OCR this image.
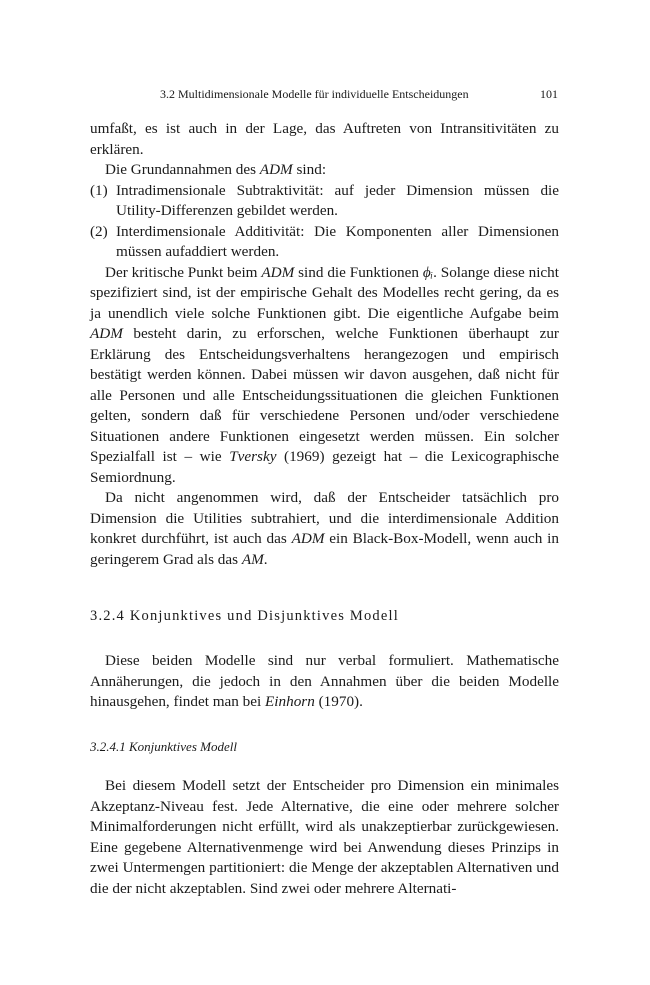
3.2 Multidimensionale Modelle für individuelle Entscheidungen	101

umfaßt, es ist auch in der Lage, das Auftreten von Intransitivitäten zu erklären.

Die Grundannahmen des ADM sind:

(1) Intradimensionale Subtraktivität: auf jeder Dimension müssen die Utility-Differenzen gebildet werden.
(2) Interdimensionale Additivität: Die Komponenten aller Dimensionen müssen aufaddiert werden.

Der kritische Punkt beim ADM sind die Funktionen ϕᵢ. Solange diese nicht spezifiziert sind, ist der empirische Gehalt des Modelles recht gering, da es ja unendlich viele solche Funktionen gibt. Die eigentliche Aufgabe beim ADM besteht darin, zu erforschen, welche Funktionen überhaupt zur Erklärung des Entscheidungsverhaltens herangezogen und empirisch bestätigt werden können. Dabei müssen wir davon ausgehen, daß nicht für alle Personen und alle Entscheidungssituationen die gleichen Funktionen gelten, sondern daß für verschiedene Personen und/oder verschiedene Situationen andere Funktionen eingesetzt werden müssen. Ein solcher Spezialfall ist – wie Tversky (1969) gezeigt hat – die Lexicographische Semiordnung.

Da nicht angenommen wird, daß der Entscheider tatsächlich pro Dimension die Utilities subtrahiert, und die interdimensionale Addition konkret durchführt, ist auch das ADM ein Black-Box-Modell, wenn auch in geringerem Grad als das AM.

3.2.4 Konjunktives und Disjunktives Modell

Diese beiden Modelle sind nur verbal formuliert. Mathematische Annäherungen, die jedoch in den Annahmen über die beiden Modelle hinausgehen, findet man bei Einhorn (1970).

3.2.4.1 Konjunktives Modell

Bei diesem Modell setzt der Entscheider pro Dimension ein minimales Akzeptanz-Niveau fest. Jede Alternative, die eine oder mehrere solcher Minimalforderungen nicht erfüllt, wird als unakzeptierbar zurückgewiesen. Eine gegebene Alternativenmenge wird bei Anwendung dieses Prinzips in zwei Untermengen partitioniert: die Menge der akzeptablen Alternativen und die der nicht akzeptablen. Sind zwei oder mehrere Alternati-
